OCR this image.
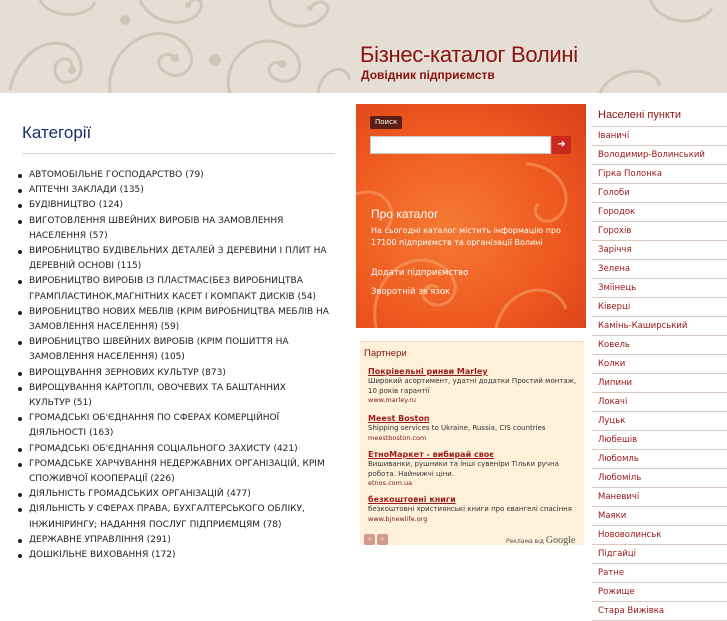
Бізнес-каталог Волині
Довідник підприємств
Категорії
АВТОМОБІЛЬНЕ ГОСПОДАРСТВО (79)
АПТЕЧНІ ЗАКЛАДИ (135)
БУДІВНИЦТВО (124)
ВИГОТОВЛЕННЯ ШВЕЙНИХ ВИРОБІВ НА ЗАМОВЛЕННЯ НАСЕЛЕННЯ (57)
ВИРОБНИЦТВО БУДІВЕЛЬНИХ ДЕТАЛЕЙ З ДЕРЕВИНИ І ПЛИТ НА ДЕРЕВНІЙ ОСНОВІ (115)
ВИРОБНИЦТВО ВИРОБІВ ІЗ ПЛАСТМАС(БЕЗ ВИРОБНИЦТВА ГРАМПЛАСТИНОК,МАГНІТНИХ КАСЕТ І КОМПАКТ ДИСКІВ (54)
ВИРОБНИЦТВО НОВИХ МЕБЛІВ (КРІМ ВИРОБНИЦТВА МЕБЛІВ НА ЗАМОВЛЕННЯ НАСЕЛЕННЯ) (59)
ВИРОБНИЦТВО ШВЕЙНИХ ВИРОБІВ (КРІМ ПОШИТТЯ НА ЗАМОВЛЕННЯ НАСЕЛЕННЯ) (105)
ВИРОЩУВАННЯ ЗЕРНОВИХ КУЛЬТУР (873)
ВИРОЩУВАННЯ КАРТОПЛІ, ОВОЧЕВИХ ТА БАШТАННИХ КУЛЬТУР (51)
ГРОМАДСЬКІ ОБ'ЄДНАННЯ ПО СФЕРАХ КОМЕРЦІЙНОЇ ДІЯЛЬНОСТІ (163)
ГРОМАДСЬКІ ОБ'ЄДНАННЯ СОЦІАЛЬНОГО ЗАХИСТУ (421)
ГРОМАДСЬКЕ ХАРЧУВАННЯ НЕДЕРЖАВНИХ ОРГАНІЗАЦІЙ, КРІМ СПОЖИВЧОЇ КООПЕРАЦІЇ (226)
ДІЯЛЬНІСТЬ ГРОМАДСЬКИХ ОРГАНІЗАЦІЙ (477)
ДІЯЛЬНІСТЬ У СФЕРАХ ПРАВА, БУХГАЛТЕРСЬКОГО ОБЛІКУ, ІНЖИНІРИНГУ; НАДАННЯ ПОСЛУГ ПІДПРИЄМЦЯМ (78)
ДЕРЖАВНЕ УПРАВЛІННЯ (291)
ДОШКІЛЬНЕ ВИХОВАННЯ (172)
Поиск
➜
Про каталог
На сьогодні каталог містить інформацію про 17100 підприємств та організації Волині
Додати підприємство
Зворотній зв'язок
Партнери
Покрівельні ринви Marley
Широкий асортимент, удатні додатки Простий монтаж, 10 років гарантії
www.marley.ru
Meest Boston
Shipping services to Ukraine, Russia, CIS countries
meestboston.com
ЕтноМаркет - вибирай своє
Вишиванки, рушники та інші сувеніри Тільки ручна робота. Найнижчі ціни.
etnos.com.ua
безкоштовні книги
безкоштовні християнські книги про євангелі спасіння
www.bjnewlife.org
‹	›	Реклама від Google
Населені пункти
Іваничі
Володимир-Волинський
Гірка Полонка
Голоби
Городок
Горохів
Заріччя
Зелена
Змїінець
Ківерці
Камінь-Каширський
Ковель
Колки
Липини
Локачі
Луцьк
Любешів
Любомль
Любоміль
Маневичі
Маяки
Нововолинськ
Підгайці
Ратне
Рожище
Стара Вижівка
